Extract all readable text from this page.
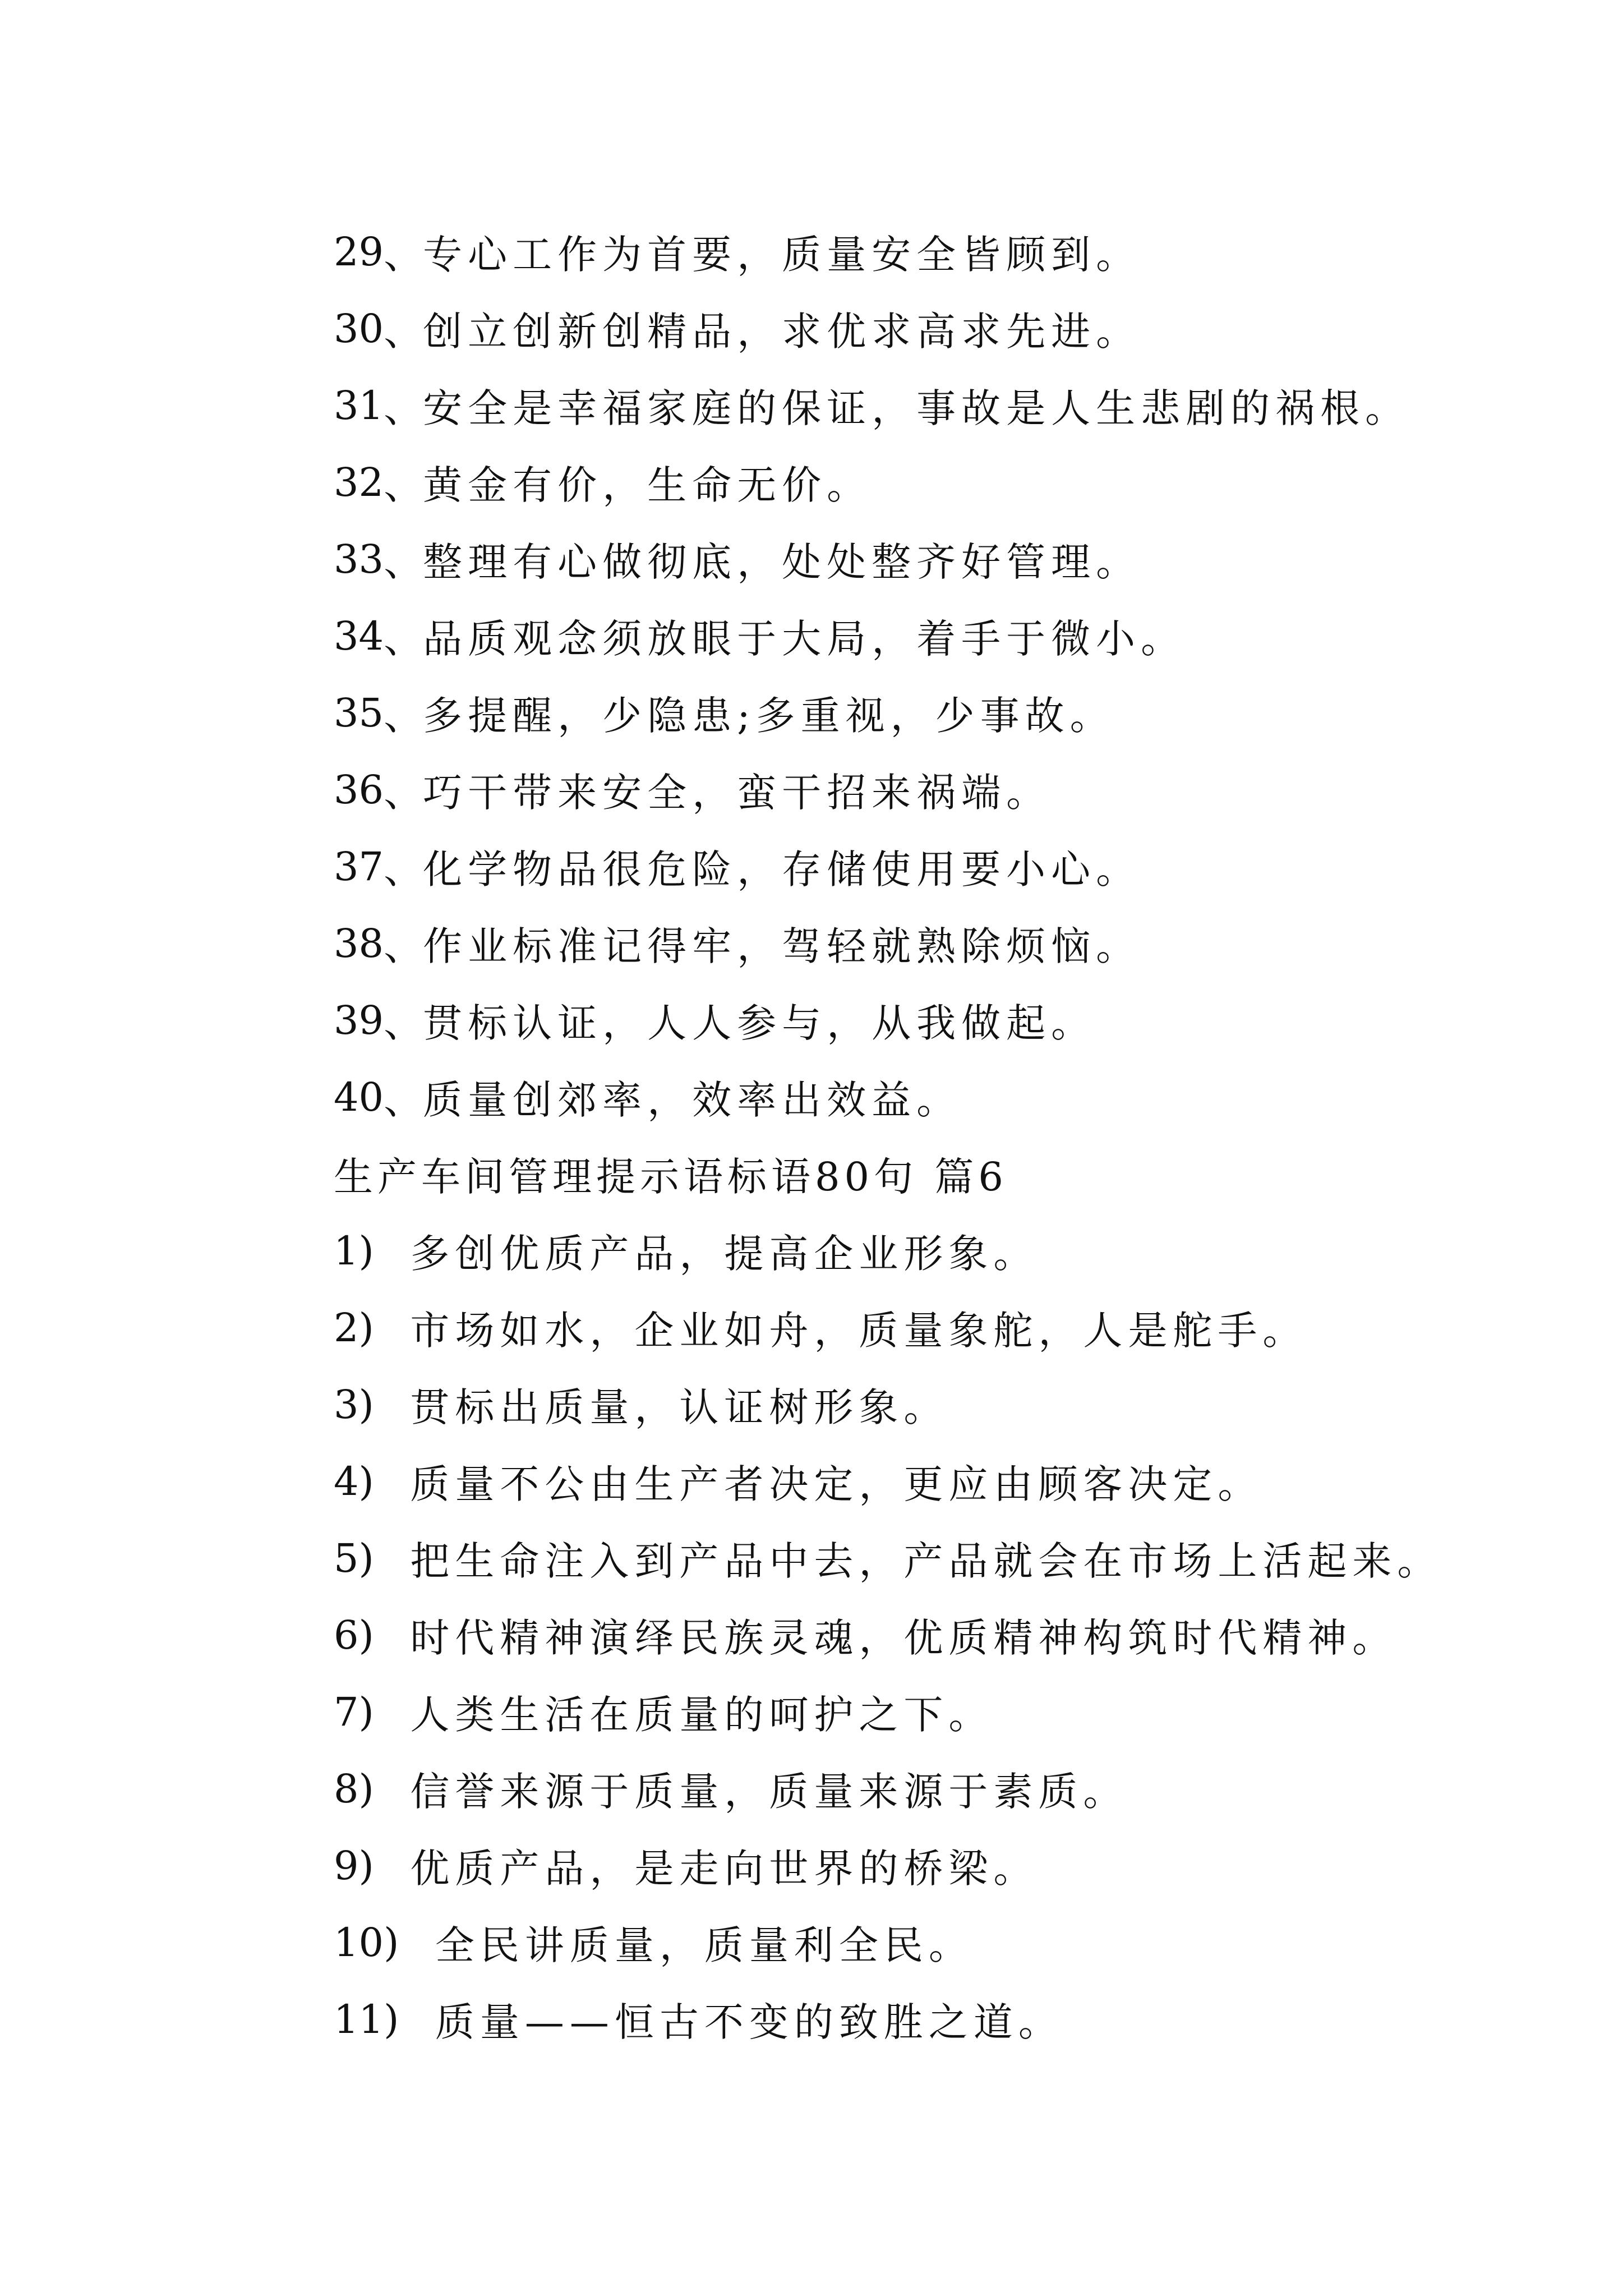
29 、 专心工作为首要，质量安全皆顾到。
30 、 创立创新创精品，求优求高求先进。
31 、 安全是幸福家庭的保证，事故是人生悲剧的祸根。
32 、 黄金有价，生命无价。
33 、 整理有心做彻底，处处整齐好管理。
34 、 品质观念须放眼于大局，着手于微小。
35 、 多提醒，少隐患;多重视，少事故。
36 、 巧干带来安全，蛮干招来祸端。
37 、 化学物品很危险，存储使用要小心。
38 、 作业标准记得牢，驾轻就熟除烦恼。
39 、 贯标认证，人人参与，从我做起。
40 、 质量创郊率，效率出效益。
生产车间管理提示语标语80句 篇6
1)
多创优质产品，提高企业形象。
2)
市场如水，企业如舟，质量象舵，人是舵手。
3)
贯标出质量，认证树形象。
4)
质量不公由生产者决定，更应由顾客决定。
5)
把生命注入到产品中去，产品就会在市场上活起来。
6)
时代精神演绎民族灵魂，优质精神构筑时代精神。
7)
人类生活在质量的呵护之下。
8)
信誉来源于质量，质量来源于素质。
9)
优质产品，是走向世界的桥梁。
10)
全民讲质量，质量利全民。
11)
质量——恒古不变的致胜之道。
